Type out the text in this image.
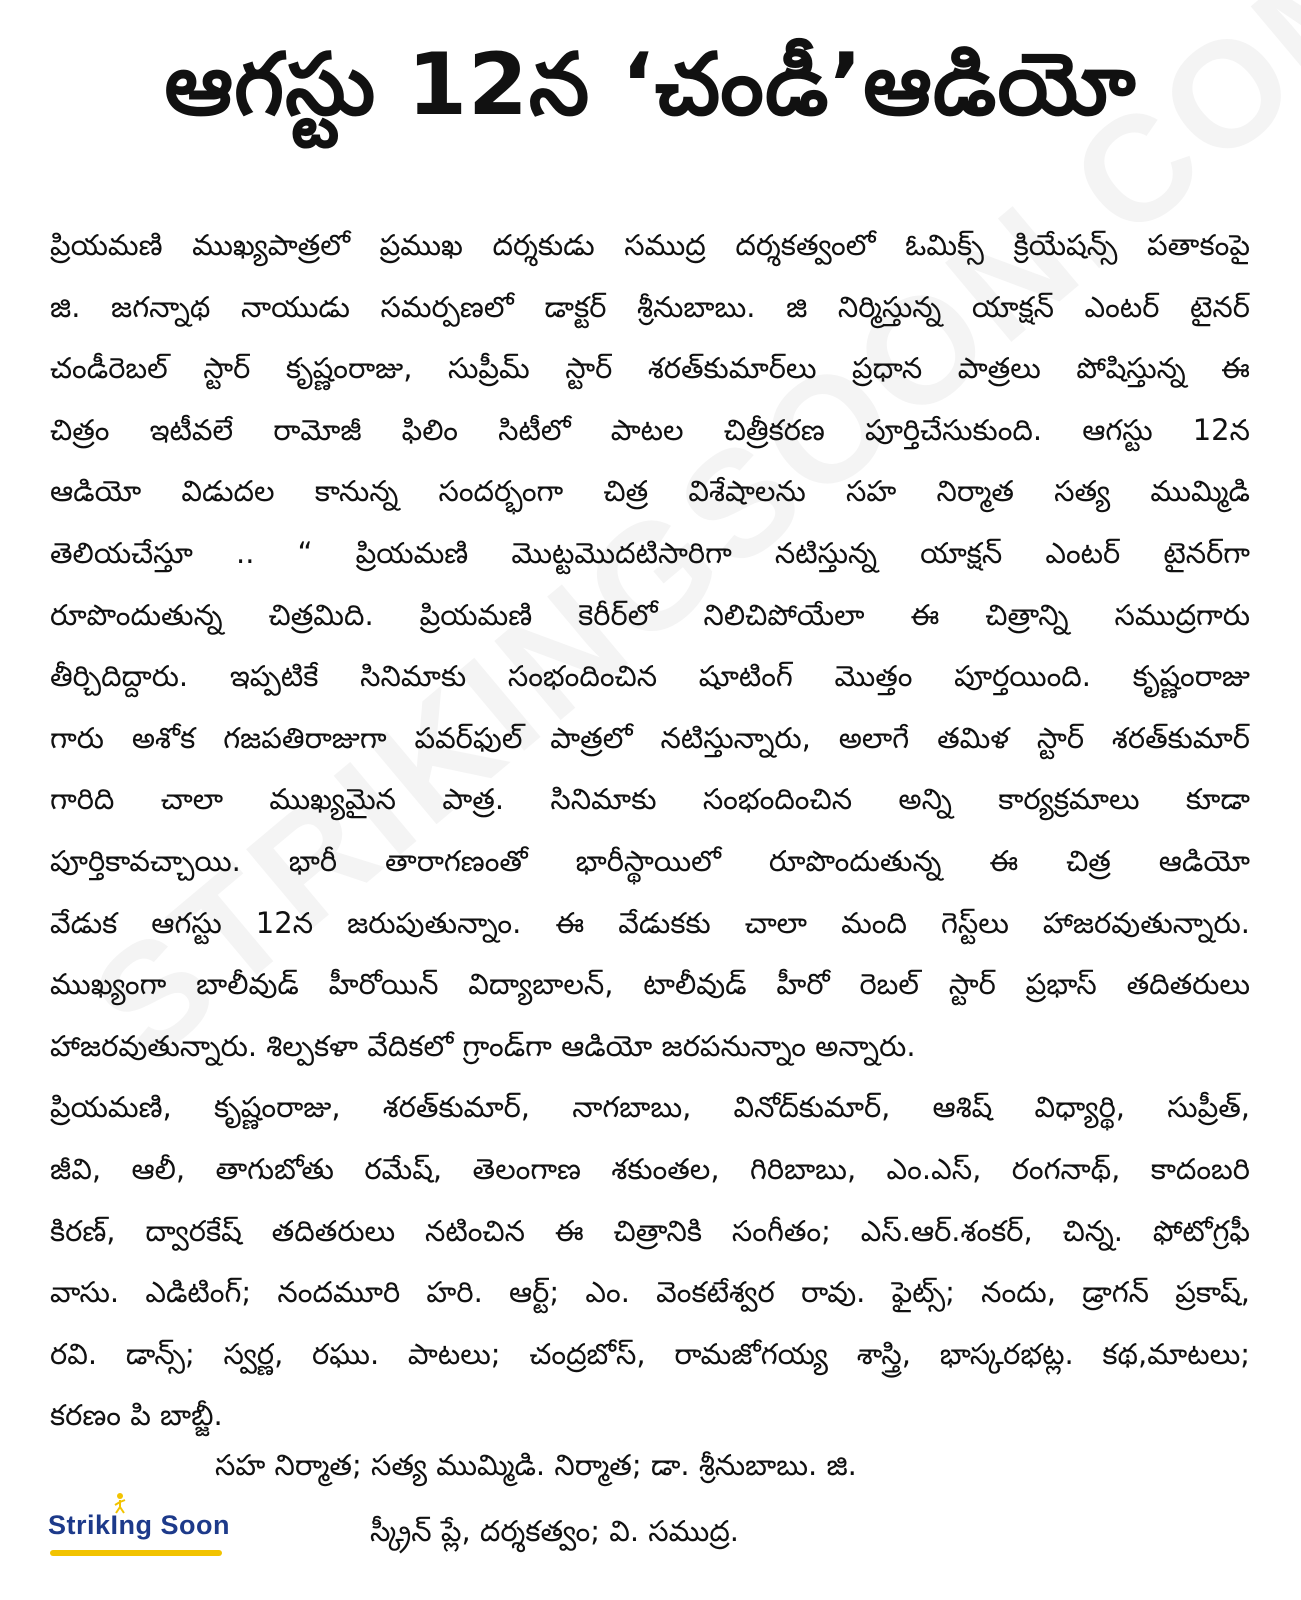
ఆగస్టు 12న ‘చండీ’ఆడియో
ప్రియమణి ముఖ్యపాత్రలో ప్రముఖ దర్శకుడు సముద్ర దర్శకత్వంలో ఓమిక్స్ క్రియేషన్స్ పతాకంపై
జి. జగన్నాథ నాయుడు సమర్పణలో డాక్టర్ శ్రీనుబాబు. జి నిర్మిస్తున్న యాక్షన్ ఎంటర్ టైనర్
చండీరెబల్ స్టార్ కృష్ణంరాజు, సుప్రీమ్ స్టార్ శరత్‌కుమార్‌లు ప్రధాన పాత్రలు పోషిస్తున్న ఈ
చిత్రం ఇటీవలే రామోజీ ఫిలిం సిటీలో పాటల చిత్రీకరణ పూర్తిచేసుకుంది. ఆగస్టు 12న
ఆడియో విడుదల కానున్న సందర్భంగా చిత్ర విశేషాలను సహ నిర్మాత సత్య ముమ్మిడి
తెలియచేస్తూ .. “ ప్రియమణి మొట్టమొదటిసారిగా నటిస్తున్న యాక్షన్ ఎంటర్ టైనర్‌గా
రూపొందుతున్న చిత్రమిది. ప్రియమణి కెరీర్‌లో నిలిచిపోయేలా ఈ చిత్రాన్ని సముద్రగారు
తీర్చిదిద్దారు. ఇప్పటికే సినిమాకు సంభందించిన షూటింగ్ మొత్తం పూర్తయింది. కృష్ణంరాజు
గారు అశోక గజపతిరాజుగా పవర్‌ఫుల్ పాత్రలో నటిస్తున్నారు, అలాగే తమిళ స్టార్ శరత్‌కుమార్
గారిది చాలా ముఖ్యమైన పాత్ర. సినిమాకు సంభందించిన అన్ని కార్యక్రమాలు కూడా
పూర్తికావచ్చాయి. భారీ తారాగణంతో భారీస్థాయిలో రూపొందుతున్న ఈ చిత్ర ఆడియో
వేడుక ఆగస్టు 12న జరుపుతున్నాం. ఈ వేడుకకు చాలా మంది గెస్ట్‌లు హాజరవుతున్నారు.
ముఖ్యంగా బాలీవుడ్ హీరోయిన్ విద్యాబాలన్, టాలీవుడ్ హీరో రెబల్ స్టార్ ప్రభాస్ తదితరులు
హాజరవుతున్నారు. శిల్పకళా వేదికలో గ్రాండ్‌గా ఆడియో జరపనున్నాం అన్నారు.
ప్రియమణి, కృష్ణంరాజు, శరత్‌కుమార్, నాగబాబు, వినోద్‌కుమార్, ఆశిష్ విధ్యార్థి, సుప్రీత్,
జీవి, ఆలీ, తాగుబోతు రమేష్, తెలంగాణ శకుంతల, గిరిబాబు, ఎం.ఎస్, రంగనాథ్, కాదంబరి
కిరణ్, ద్వారకేష్ తదితరులు నటించిన ఈ చిత్రానికి సంగీతం; ఎస్.ఆర్.శంకర్, చిన్న. ఫోటోగ్రఫీ
వాసు. ఎడిటింగ్; నందమూరి హరి. ఆర్ట్; ఎం. వెంకటేశ్వర రావు. ఫైట్స్; నందు, డ్రాగన్ ప్రకాష్,
రవి. డాన్స్; స్వర్ణ, రఘు. పాటలు; చంద్రబోస్, రామజోగయ్య శాస్త్రి, భాస్కరభట్ల. కథ,మాటలు;
కరణం పి బాబ్జీ.
సహ నిర్మాత; సత్య ముమ్మిడి. నిర్మాత; డా. శ్రీనుబాబు. జి.
స్క్రీన్ ప్లే, దర్శకత్వం; వి. సముద్ర.
StrikIng Soon
